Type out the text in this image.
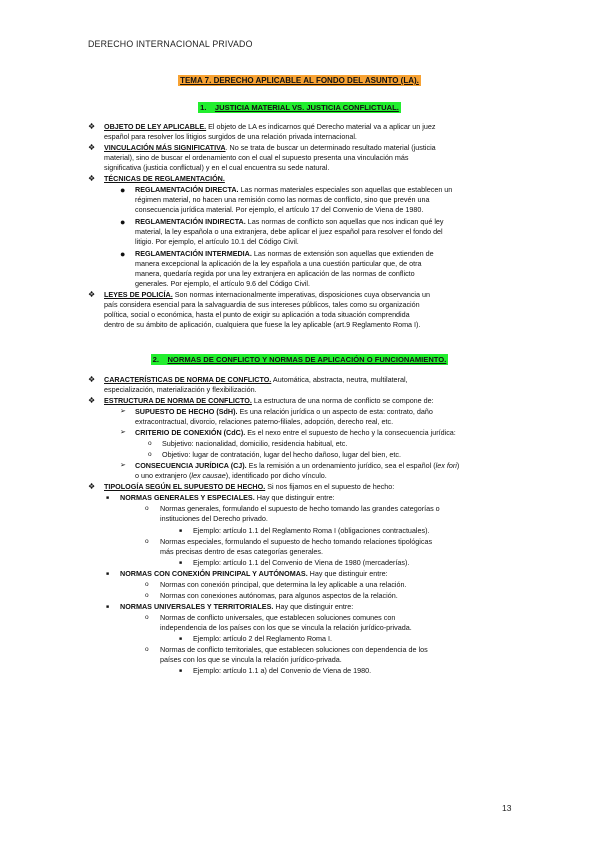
DERECHO INTERNACIONAL PRIVADO
TEMA 7. DERECHO APLICABLE AL FONDO DEL ASUNTO (LA).
1. JUSTICIA MATERIAL VS. JUSTICIA CONFLICTUAL.
❖ OBJETO DE LEY APLICABLE. El objeto de LA es indicarnos qué Derecho material va a aplicar un juez
español para resolver los litigios surgidos de una relación privada internacional.
❖ VINCULACIÓN MÁS SIGNIFICATIVA. No se trata de buscar un determinado resultado material (justicia
material), sino de buscar el ordenamiento con el cual el supuesto presenta una vinculación más
significativa (justicia conflictual) y en el cual encuentra su sede natural.
❖ TÉCNICAS DE REGLAMENTACIÓN.
● REGLAMENTACIÓN DIRECTA. Las normas materiales especiales son aquellas que establecen un
régimen material, no hacen una remisión como las normas de conflicto, sino que prevén una
consecuencia jurídica material. Por ejemplo, el artículo 17 del Convenio de Viena de 1980.
● REGLAMENTACIÓN INDIRECTA. Las normas de conflicto son aquellas que nos indican qué ley
material, la ley española o una extranjera, debe aplicar el juez español para resolver el fondo del
litigio. Por ejemplo, el artículo 10.1 del Código Civil.
● REGLAMENTACIÓN INTERMEDIA. Las normas de extensión son aquellas que extienden de
manera excepcional la aplicación de la ley española a una cuestión particular que, de otra
manera, quedaría regida por una ley extranjera en aplicación de las normas de conflicto
generales. Por ejemplo, el artículo 9.6 del Código Civil.
❖ LEYES DE POLICÍA. Son normas internacionalmente imperativas, disposiciones cuya observancia un
país considera esencial para la salvaguardia de sus intereses públicos, tales como su organización
política, social o económica, hasta el punto de exigir su aplicación a toda situación comprendida
dentro de su ámbito de aplicación, cualquiera que fuese la ley aplicable (art.9 Reglamento Roma I).
2. NORMAS DE CONFLICTO Y NORMAS DE APLICACIÓN O FUNCIONAMIENTO.
❖ CARACTERÍSTICAS DE NORMA DE CONFLICTO. Automática, abstracta, neutra, multilateral,
especialización, materialización y flexibilización.
❖ ESTRUCTURA DE NORMA DE CONFLICTO. La estructura de una norma de conflicto se compone de:
➢ SUPUESTO DE HECHO (SdH). Es una relación jurídica o un aspecto de esta: contrato, daño
extracontractual, divorcio, relaciones paterno-filiales, adopción, derecho real, etc.
➢ CRITERIO DE CONEXIÓN (CdC). Es el nexo entre el supuesto de hecho y la consecuencia jurídica:
o Subjetivo: nacionalidad, domicilio, residencia habitual, etc.
o Objetivo: lugar de contratación, lugar del hecho dañoso, lugar del bien, etc.
➢ CONSECUENCIA JURÍDICA (CJ). Es la remisión a un ordenamiento jurídico, sea el español (lex fori)
o uno extranjero (lex causae), identificado por dicho vínculo.
❖ TIPOLOGÍA SEGÚN EL SUPUESTO DE HECHO. Si nos fijamos en el supuesto de hecho:
■ NORMAS GENERALES Y ESPECIALES. Hay que distinguir entre:
o Normas generales, formulando el supuesto de hecho tomando las grandes categorías o
instituciones del Derecho privado.
■ Ejemplo: artículo 1.1 del Reglamento Roma I (obligaciones contractuales).
o Normas especiales, formulando el supuesto de hecho tomando relaciones tipológicas
más precisas dentro de esas categorías generales.
■ Ejemplo: artículo 1.1 del Convenio de Viena de 1980 (mercaderías).
■ NORMAS CON CONEXIÓN PRINCIPAL Y AUTÓNOMAS. Hay que distinguir entre:
o Normas con conexión principal, que determina la ley aplicable a una relación.
o Normas con conexiones autónomas, para algunos aspectos de la relación.
■ NORMAS UNIVERSALES Y TERRITORIALES. Hay que distinguir entre:
o Normas de conflicto universales, que establecen soluciones comunes con
independencia de los países con los que se vincula la relación jurídico-privada.
■ Ejemplo: artículo 2 del Reglamento Roma I.
o Normas de conflicto territoriales, que establecen soluciones con dependencia de los
países con los que se vincula la relación jurídico-privada.
■ Ejemplo: artículo 1.1 a) del Convenio de Viena de 1980.
13
